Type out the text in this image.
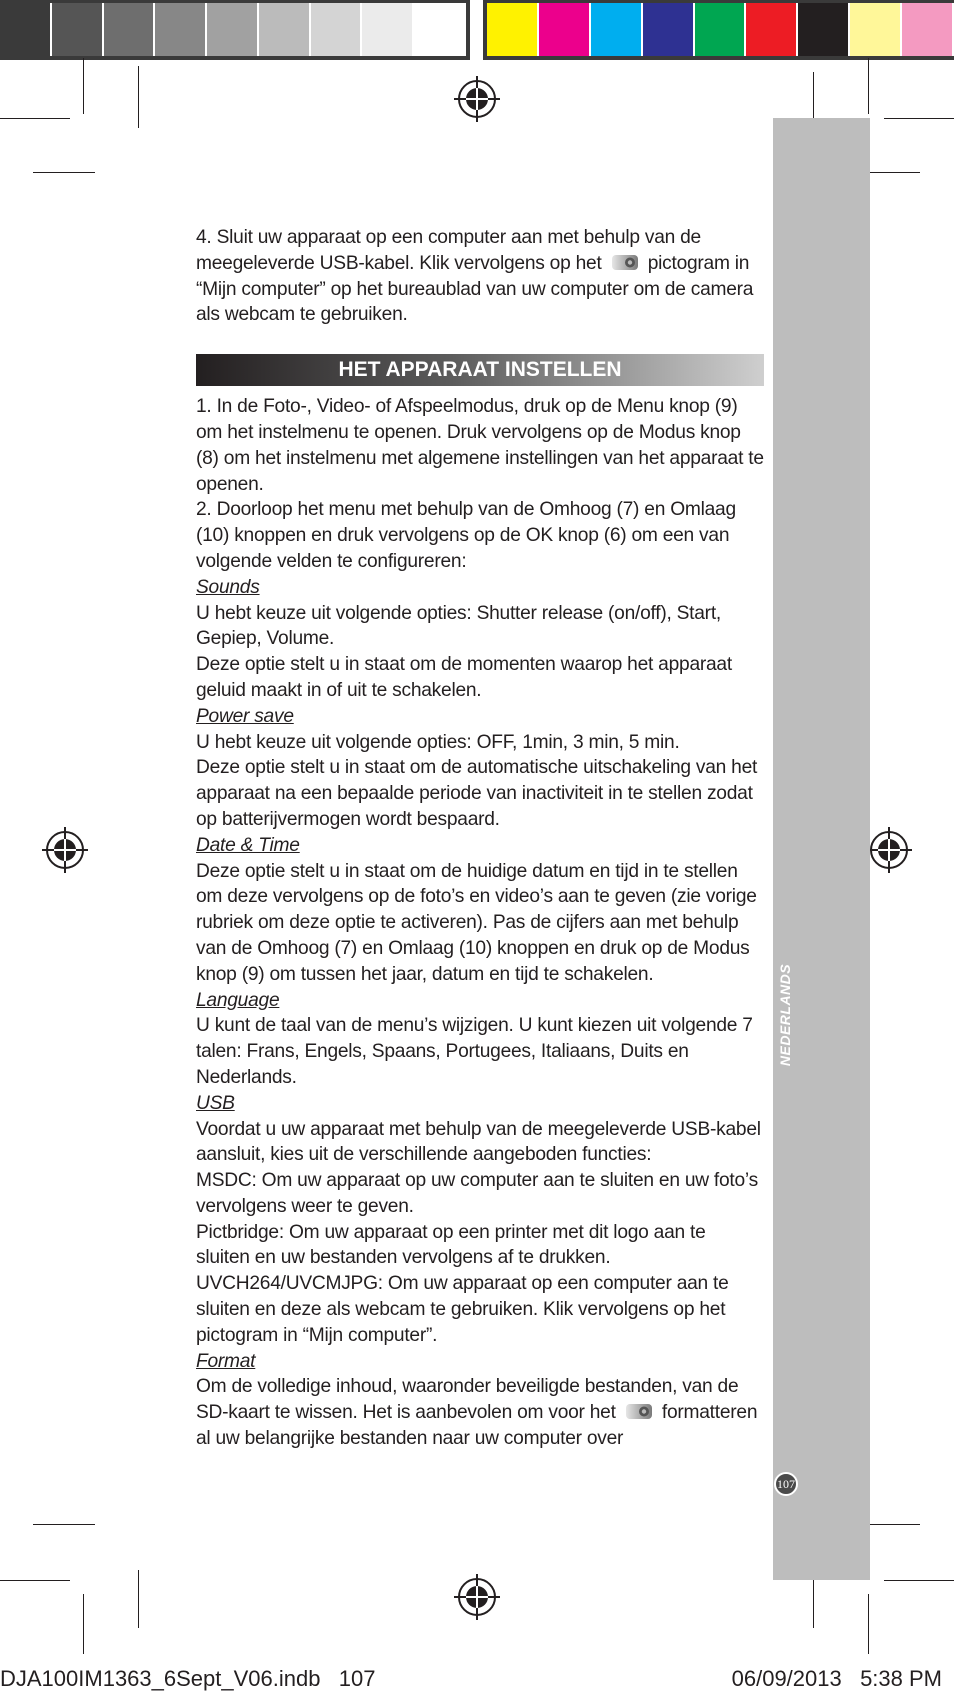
NEDERLANDS
107

4. Sluit uw apparaat op een computer aan met behulp van de meegeleverde USB-kabel. Klik vervolgens op het pictogram in “Mijn computer” op het bureaublad van uw computer om de camera als webcam te gebruiken.

HET APPARAAT INSTELLEN

1. In de Foto-, Video- of Afspeelmodus, druk op de Menu knop (9) om het instelmenu te openen. Druk vervolgens op de Modus knop (8) om het instelmenu met algemene instellingen van het apparaat te openen.

2. Doorloop het menu met behulp van de Omhoog (7) en Omlaag (10) knoppen en druk vervolgens op de OK knop (6) om een van volgende velden te configureren:

Sounds

U hebt keuze uit volgende opties: Shutter release (on/off), Start, Gepiep, Volume.

Deze optie stelt u in staat om de momenten waarop het apparaat geluid maakt in of uit te schakelen.

Power save

U hebt keuze uit volgende opties: OFF, 1min, 3 min, 5 min.

Deze optie stelt u in staat om de automatische uitschakeling van het apparaat na een bepaalde periode van inactiviteit in te stellen zodat op batterijvermogen wordt bespaard.

Date & Time

Deze optie stelt u in staat om de huidige datum en tijd in te stellen om deze vervolgens op de foto’s en video’s aan te geven (zie vorige rubriek om deze optie te activeren). Pas de cijfers aan met behulp van de Omhoog (7) en Omlaag (10) knoppen en druk op de Modus knop (9) om tussen het jaar, datum en tijd te schakelen.

Language

U kunt de taal van de menu’s wijzigen. U kunt kiezen uit volgende 7 talen: Frans, Engels, Spaans, Portugees, Italiaans, Duits en Nederlands.

USB

Voordat u uw apparaat met behulp van de meegeleverde USB-kabel aansluit, kies uit de verschillende aangeboden functies:

MSDC: Om uw apparaat op uw computer aan te sluiten en uw foto’s vervolgens weer te geven.

Pictbridge: Om uw apparaat op een printer met dit logo aan te sluiten en uw bestanden vervolgens af te drukken.

UVCH264/UVCMJPG: Om uw apparaat op een computer aan te sluiten en deze als webcam te gebruiken. Klik vervolgens op het pictogram in “Mijn computer”.

Format

Om de volledige inhoud, waaronder beveiligde bestanden, van de SD-kaart te wissen. Het is aanbevolen om voor het formatteren al uw belangrijke bestanden naar uw computer over

DJA100IM1363_6Sept_V06.indb   107	06/09/2013   5:38 PM
